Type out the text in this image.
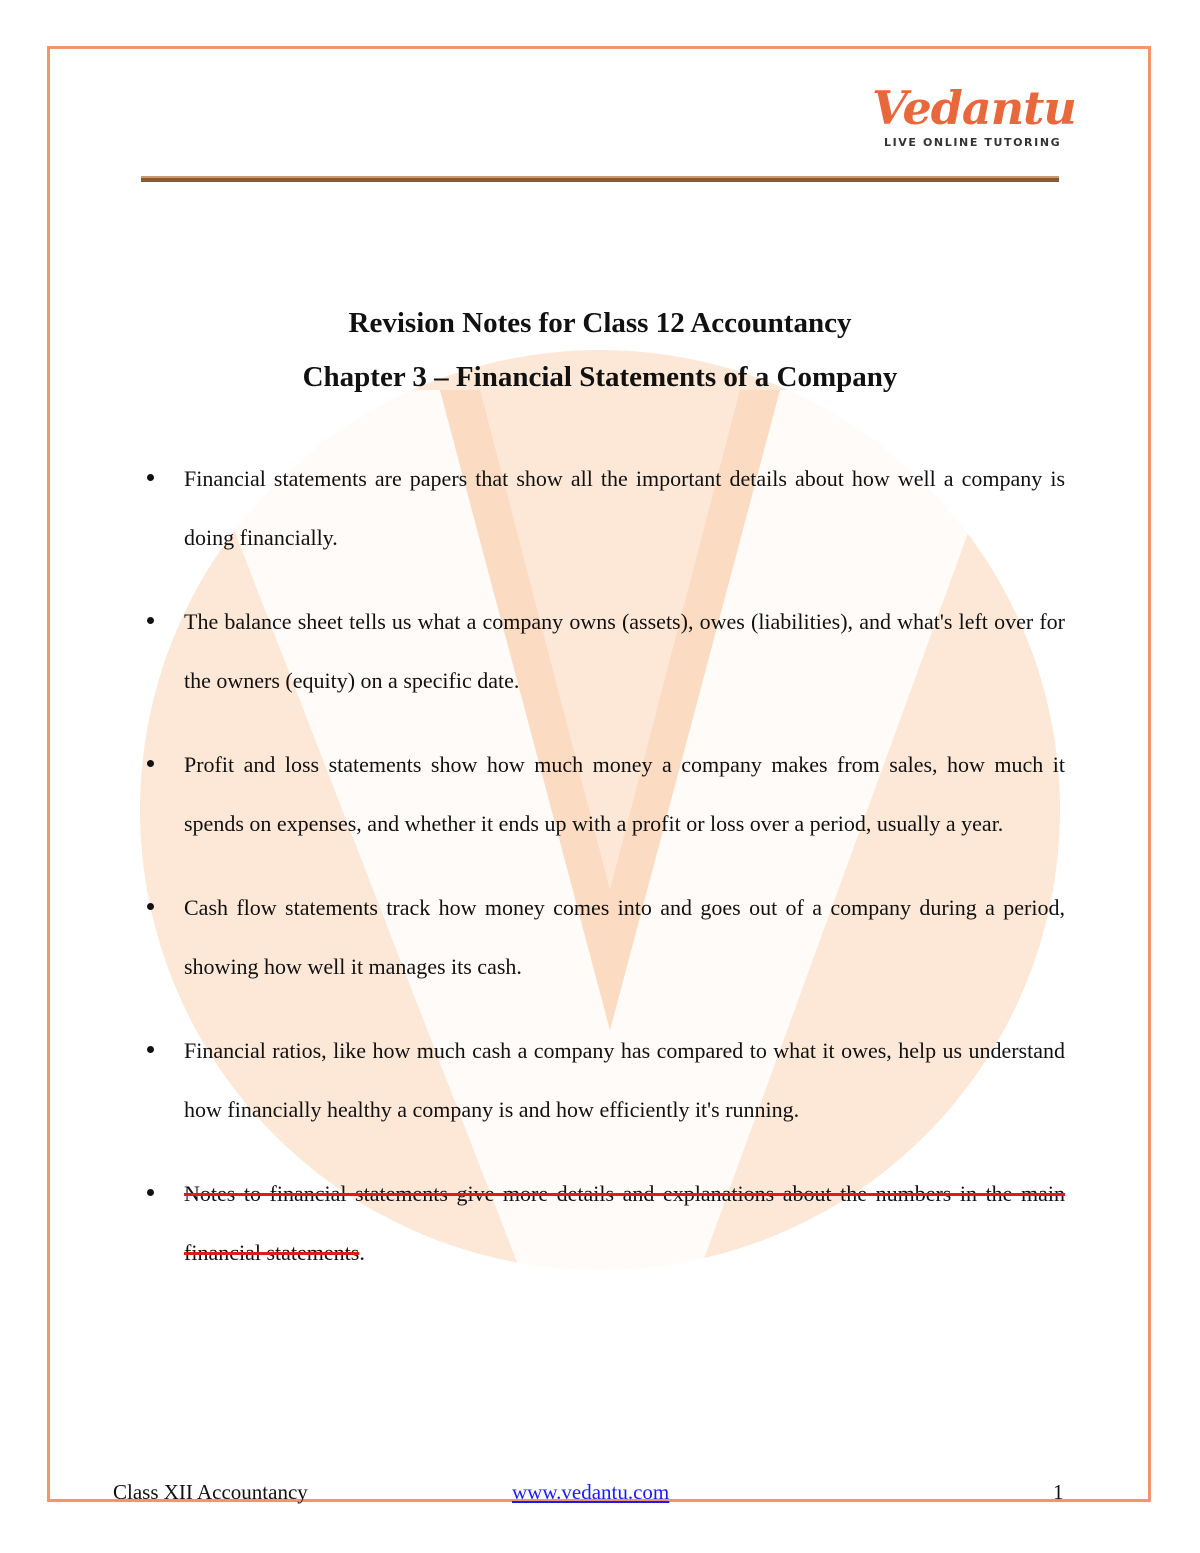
Vedantu
LIVE ONLINE TUTORING
Revision Notes for Class 12 Accountancy
Chapter 3 – Financial Statements of a Company
Financial statements are papers that show all the important details about how well a company is doing financially.
The balance sheet tells us what a company owns (assets), owes (liabilities), and what's left over for the owners (equity) on a specific date.
Profit and loss statements show how much money a company makes from sales, how much it spends on expenses, and whether it ends up with a profit or loss over a period, usually a year.
Cash flow statements track how money comes into and goes out of a company during a period, showing how well it manages its cash.
Financial ratios, like how much cash a company has compared to what it owes, help us understand how financially healthy a company is and how efficiently it's running.
Notes to financial statements give more details and explanations about the numbers in the main financial statements.
Class XII Accountancy	www.vedantu.com	1
